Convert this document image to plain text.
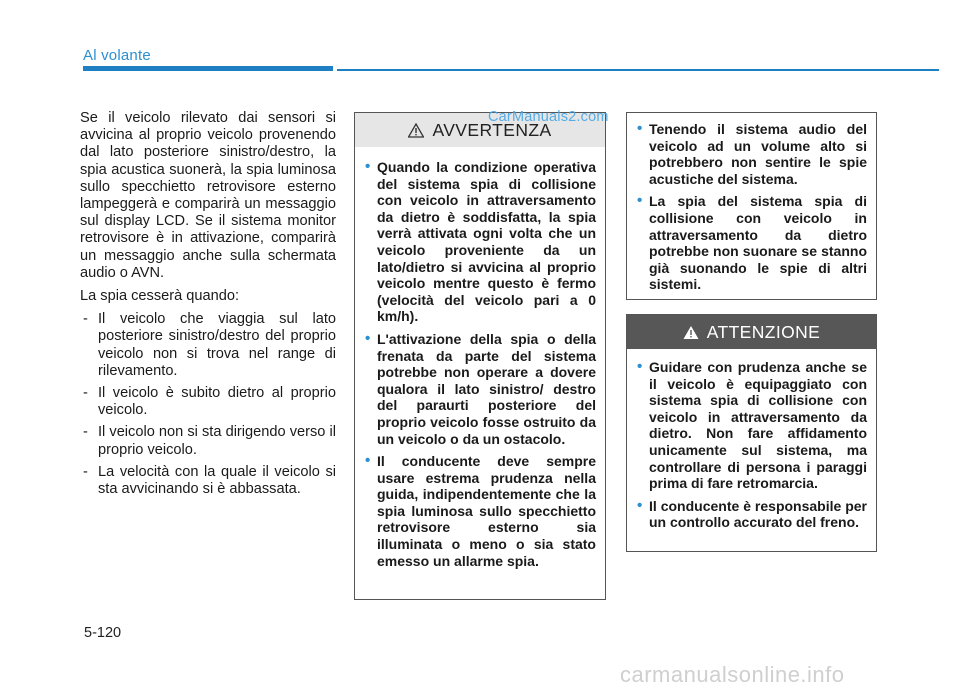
Al volante

Se il veicolo rilevato dai sensori si avvicina al proprio veicolo provenendo dal lato posteriore sinistro/destro, la spia acustica suonerà, la spia luminosa sullo specchietto retrovisore esterno lampeggerà e comparirà un messaggio sul display LCD. Se il sistema monitor retrovisore è in attivazione, comparirà un messaggio anche sulla schermata audio o AVN.

La spia cesserà quando:

- Il veicolo che viaggia sul lato posteriore sinistro/destro del proprio veicolo non si trova nel range di rilevamento.
- Il veicolo è subito dietro al proprio veicolo.
- Il veicolo non si sta dirigendo verso il proprio veicolo.
- La velocità con la quale il veicolo si sta avvicinando si è abbassata.
AVVERTENZA
• Quando la condizione operativa del sistema spia di collisione con veicolo in attraversamento da dietro è soddisfatta, la spia verrà attivata ogni volta che un veicolo proveniente da un lato/dietro si avvicina al proprio veicolo mentre questo è fermo (velocità del veicolo pari a 0 km/h).
• L'attivazione della spia o della frenata da parte del sistema potrebbe non operare a dovere qualora il lato sinistro/ destro del paraurti posteriore del proprio veicolo fosse ostruito da un veicolo o da un ostacolo.
• Il conducente deve sempre usare estrema prudenza nella guida, indipendentemente che la spia luminosa sullo specchietto retrovisore esterno sia illuminata o meno o sia stato emesso un allarme spia.
CarManuals2.com
• Tenendo il sistema audio del veicolo ad un volume alto si potrebbero non sentire le spie acustiche del sistema.
• La spia del sistema spia di collisione con veicolo in attraversamento da dietro potrebbe non suonare se stanno già suonando le spie di altri sistemi.
ATTENZIONE
• Guidare con prudenza anche se il veicolo è equipaggiato con sistema spia di collisione con veicolo in attraversamento da dietro. Non fare affidamento unicamente sul sistema, ma controllare di persona i paraggi prima di fare retromarcia.
• Il conducente è responsabile per un controllo accurato del freno.
5-120
carmanualsonline.info
